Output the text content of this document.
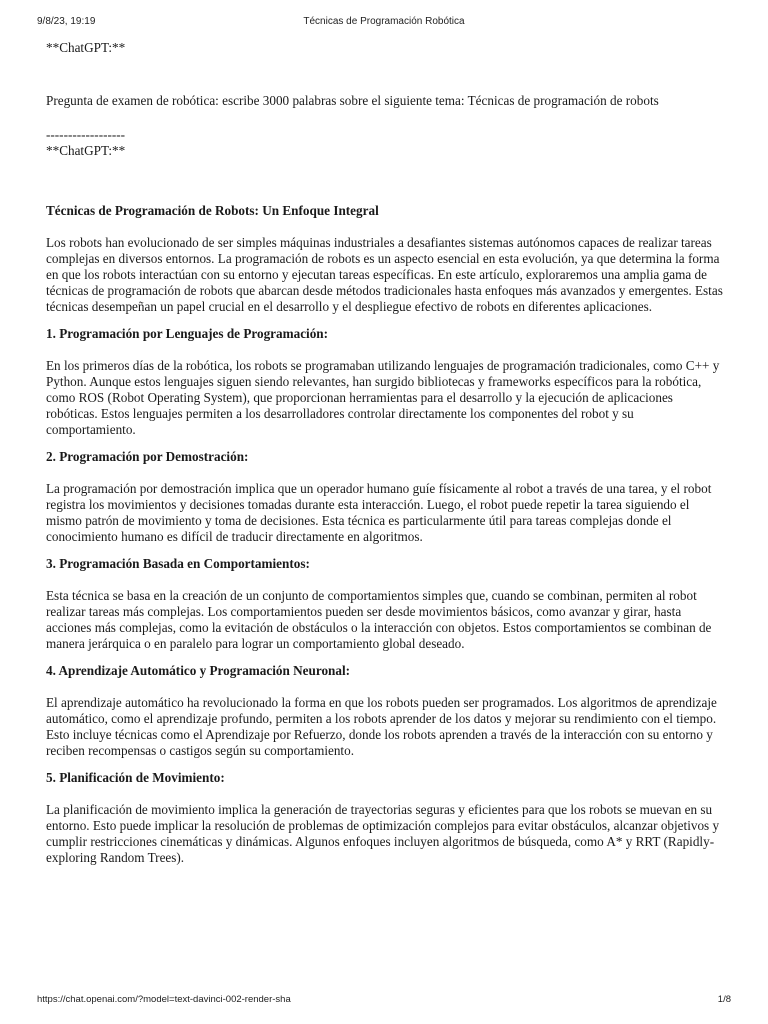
9/8/23, 19:19	Técnicas de Programación Robótica

**ChatGPT:**

Pregunta de examen de robótica: escribe 3000 palabras sobre el siguiente tema: Técnicas de programación de robots

------------------

**ChatGPT:**

Técnicas de Programación de Robots: Un Enfoque Integral

Los robots han evolucionado de ser simples máquinas industriales a desafiantes sistemas autónomos capaces de realizar tareas complejas en diversos entornos. La programación de robots es un aspecto esencial en esta evolución, ya que determina la forma en que los robots interactúan con su entorno y ejecutan tareas específicas. En este artículo, exploraremos una amplia gama de técnicas de programación de robots que abarcan desde métodos tradicionales hasta enfoques más avanzados y emergentes. Estas técnicas desempeñan un papel crucial en el desarrollo y el despliegue efectivo de robots en diferentes aplicaciones.

1. Programación por Lenguajes de Programación:

En los primeros días de la robótica, los robots se programaban utilizando lenguajes de programación tradicionales, como C++ y Python. Aunque estos lenguajes siguen siendo relevantes, han surgido bibliotecas y frameworks específicos para la robótica, como ROS (Robot Operating System), que proporcionan herramientas para el desarrollo y la ejecución de aplicaciones robóticas. Estos lenguajes permiten a los desarrolladores controlar directamente los componentes del robot y su comportamiento.

2. Programación por Demostración:

La programación por demostración implica que un operador humano guíe físicamente al robot a través de una tarea, y el robot registra los movimientos y decisiones tomadas durante esta interacción. Luego, el robot puede repetir la tarea siguiendo el mismo patrón de movimiento y toma de decisiones. Esta técnica es particularmente útil para tareas complejas donde el conocimiento humano es difícil de traducir directamente en algoritmos.

3. Programación Basada en Comportamientos:

Esta técnica se basa en la creación de un conjunto de comportamientos simples que, cuando se combinan, permiten al robot realizar tareas más complejas. Los comportamientos pueden ser desde movimientos básicos, como avanzar y girar, hasta acciones más complejas, como la evitación de obstáculos o la interacción con objetos. Estos comportamientos se combinan de manera jerárquica o en paralelo para lograr un comportamiento global deseado.

4. Aprendizaje Automático y Programación Neuronal:

El aprendizaje automático ha revolucionado la forma en que los robots pueden ser programados. Los algoritmos de aprendizaje automático, como el aprendizaje profundo, permiten a los robots aprender de los datos y mejorar su rendimiento con el tiempo. Esto incluye técnicas como el Aprendizaje por Refuerzo, donde los robots aprenden a través de la interacción con su entorno y reciben recompensas o castigos según su comportamiento.

5. Planificación de Movimiento:

La planificación de movimiento implica la generación de trayectorias seguras y eficientes para que los robots se muevan en su entorno. Esto puede implicar la resolución de problemas de optimización complejos para evitar obstáculos, alcanzar objetivos y cumplir restricciones cinemáticas y dinámicas. Algunos enfoques incluyen algoritmos de búsqueda, como A* y RRT (Rapidly-exploring Random Trees).

https://chat.openai.com/?model=text-davinci-002-render-sha	1/8
